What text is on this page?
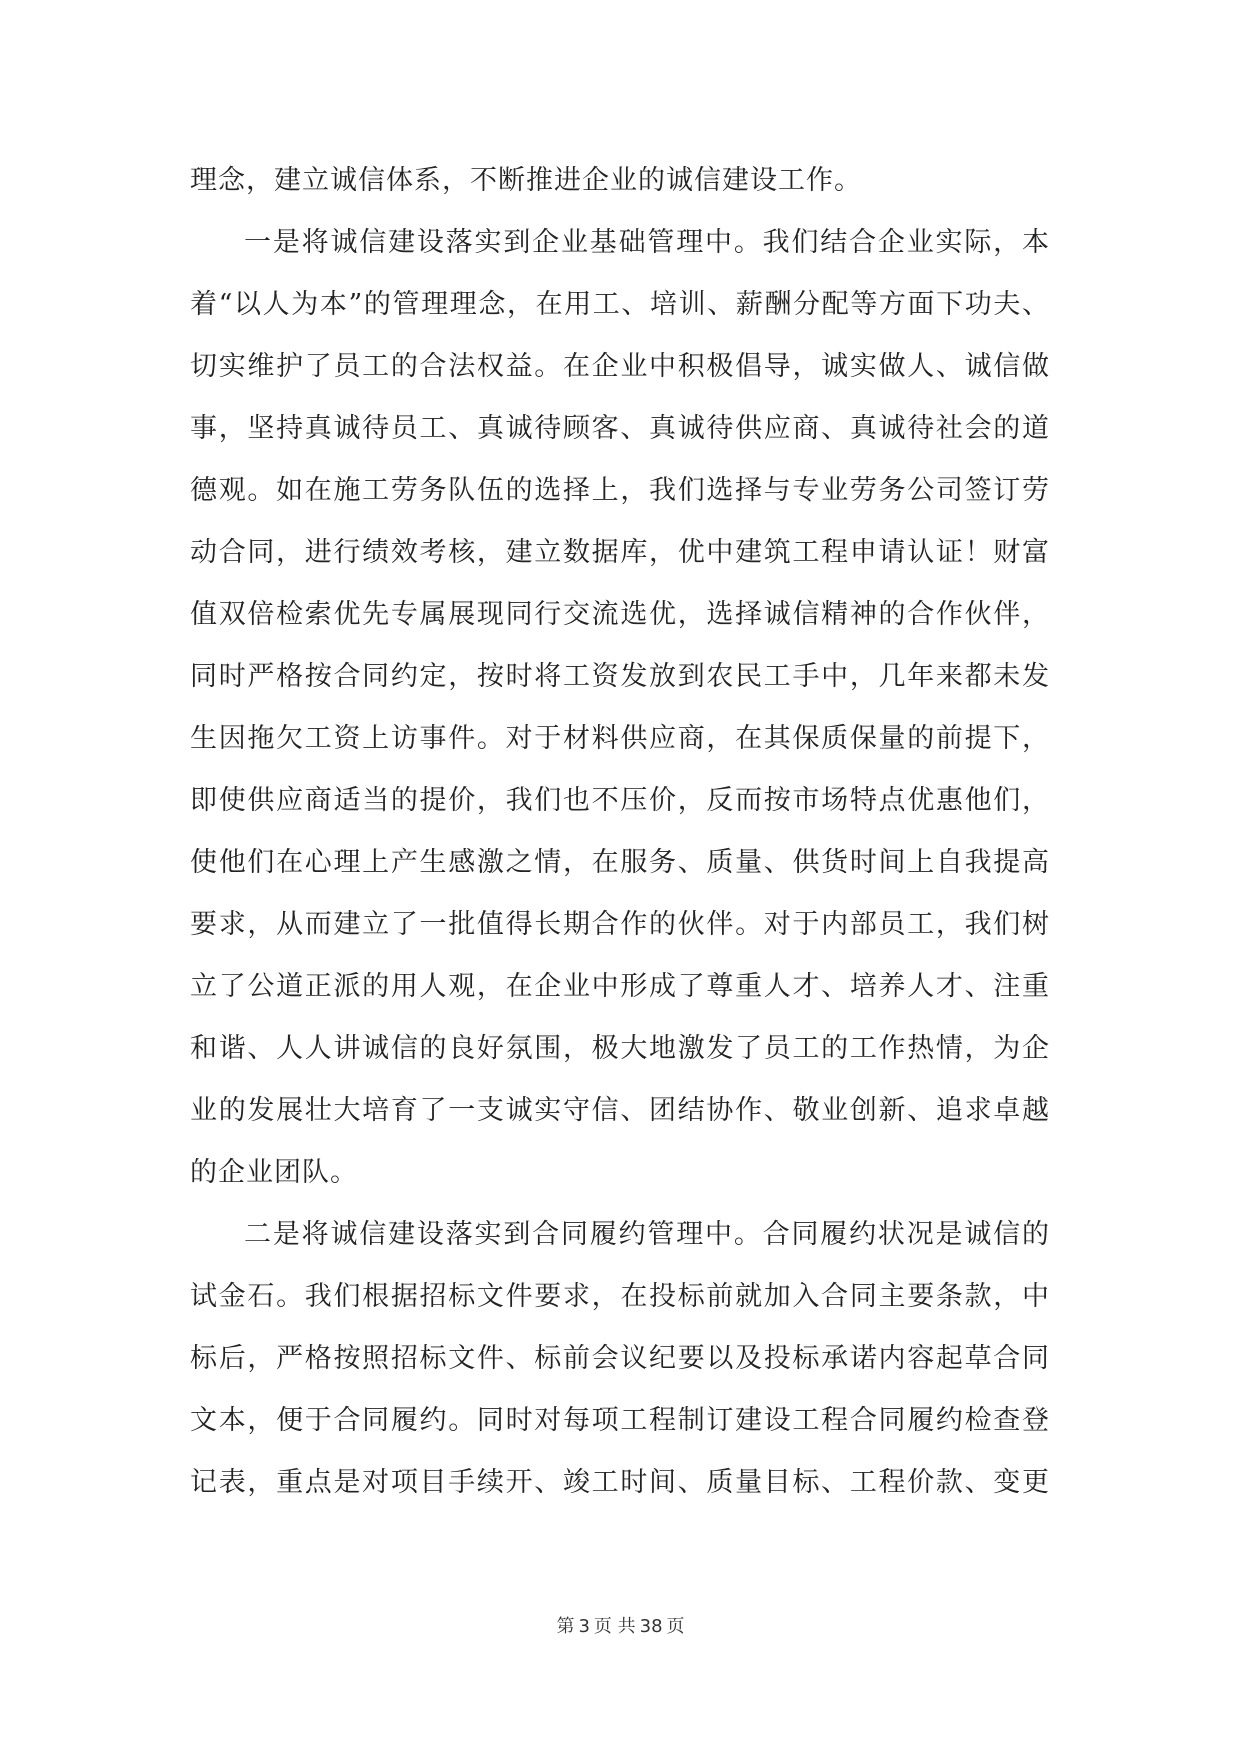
理念，建立诚信体系，不断推进企业的诚信建设工作。
一是将诚信建设落实到企业基础管理中。我们结合企业实际，本
着“以人为本”的管理理念，在用工、培训、薪酬分配等方面下功夫、
切实维护了员工的合法权益。在企业中积极倡导，诚实做人、诚信做
事，坚持真诚待员工、真诚待顾客、真诚待供应商、真诚待社会的道
德观。如在施工劳务队伍的选择上，我们选择与专业劳务公司签订劳
动合同，进行绩效考核，建立数据库，优中建筑工程申请认证！财富
值双倍检索优先专属展现同行交流选优，选择诚信精神的合作伙伴，
同时严格按合同约定，按时将工资发放到农民工手中，几年来都未发
生因拖欠工资上访事件。对于材料供应商，在其保质保量的前提下，
即使供应商适当的提价，我们也不压价，反而按市场特点优惠他们，
使他们在心理上产生感激之情，在服务、质量、供货时间上自我提高
要求，从而建立了一批值得长期合作的伙伴。对于内部员工，我们树
立了公道正派的用人观，在企业中形成了尊重人才、培养人才、注重
和谐、人人讲诚信的良好氛围，极大地激发了员工的工作热情，为企
业的发展壮大培育了一支诚实守信、团结协作、敬业创新、追求卓越
的企业团队。
二是将诚信建设落实到合同履约管理中。合同履约状况是诚信的
试金石。我们根据招标文件要求，在投标前就加入合同主要条款，中
标后，严格按照招标文件、标前会议纪要以及投标承诺内容起草合同
文本，便于合同履约。同时对每项工程制订建设工程合同履约检查登
记表，重点是对项目手续开、竣工时间、质量目标、工程价款、变更
第 3 页 共 38 页
